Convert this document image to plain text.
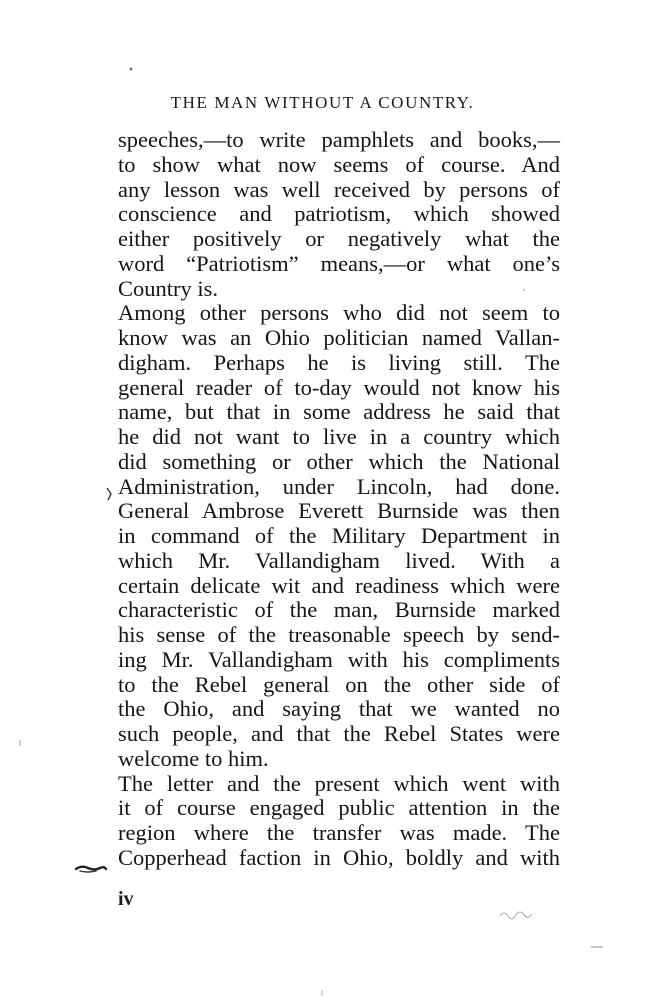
THE MAN WITHOUT A COUNTRY.
speeches,—to write pamphlets and books,—
to show what now seems of course. And
any lesson was well received by persons of
conscience and patriotism, which showed
either positively or negatively what the
word “Patriotism” means,—or what one’s
Country is.
Among other persons who did not seem to
know was an Ohio politician named Vallan-
digham. Perhaps he is living still. The
general reader of to-day would not know his
name, but that in some address he said that
he did not want to live in a country which
did something or other which the National
Administration, under Lincoln, had done.
General Ambrose Everett Burnside was then
in command of the Military Department in
which Mr. Vallandigham lived. With a
certain delicate wit and readiness which were
characteristic of the man, Burnside marked
his sense of the treasonable speech by send-
ing Mr. Vallandigham with his compliments
to the Rebel general on the other side of
the Ohio, and saying that we wanted no
such people, and that the Rebel States were
welcome to him.
The letter and the present which went with
it of course engaged public attention in the
region where the transfer was made. The
Copperhead faction in Ohio, boldly and with
iv
